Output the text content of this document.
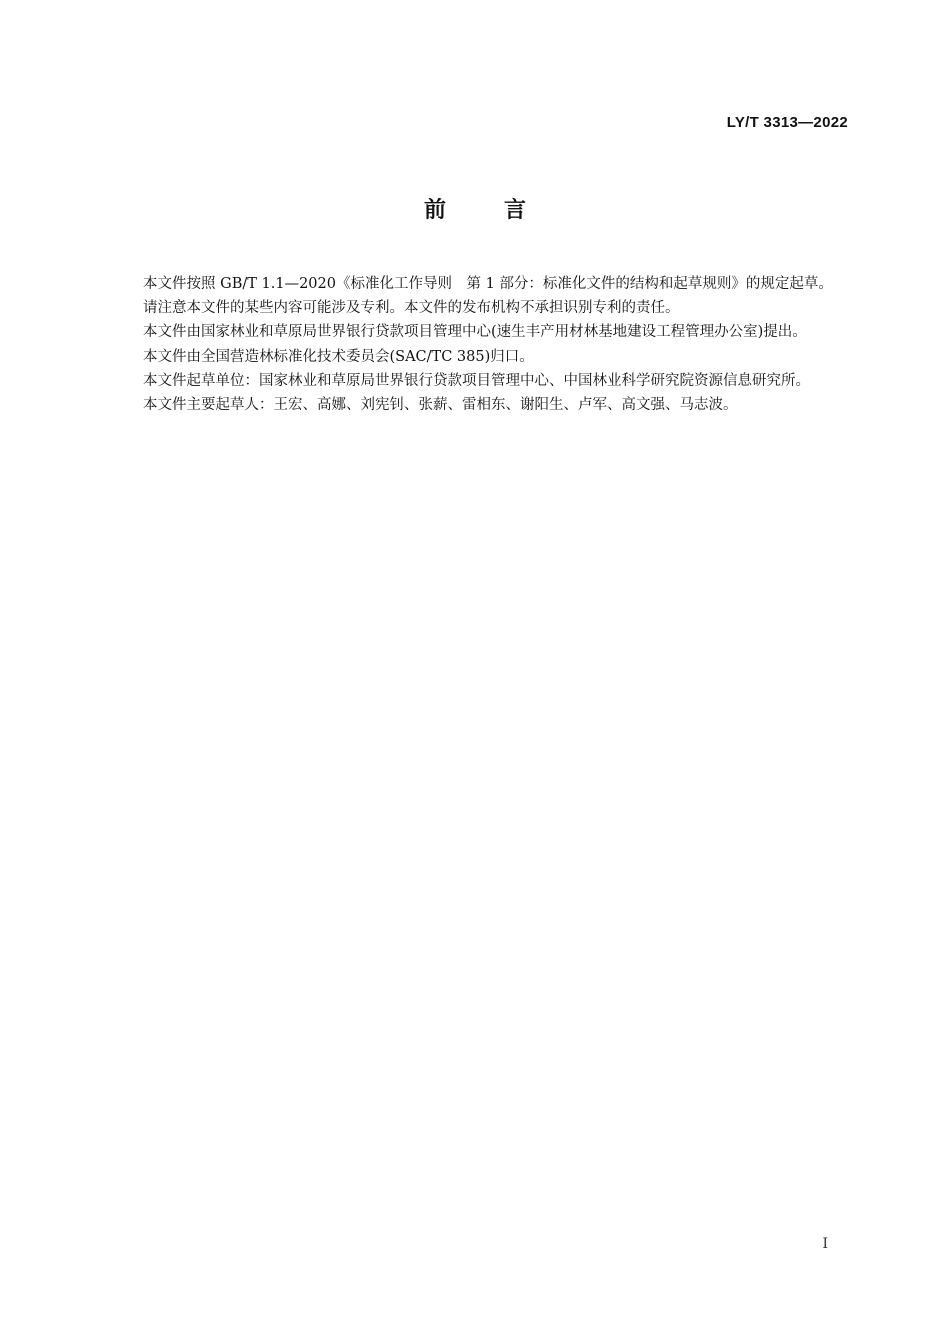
LY/T 3313—2022
前	言

本文件按照 GB/T 1.1—2020《标准化工作导则　第 1 部分：标准化文件的结构和起草规则》的规定起草。

请注意本文件的某些内容可能涉及专利。本文件的发布机构不承担识别专利的责任。

本文件由国家林业和草原局世界银行贷款项目管理中心(速生丰产用材林基地建设工程管理办公室)提出。

本文件由全国营造林标准化技术委员会(SAC/TC 385)归口。

本文件起草单位：国家林业和草原局世界银行贷款项目管理中心、中国林业科学研究院资源信息研究所。

本文件主要起草人：王宏、高娜、刘宪钊、张薪、雷相东、谢阳生、卢军、高文强、马志波。

I
